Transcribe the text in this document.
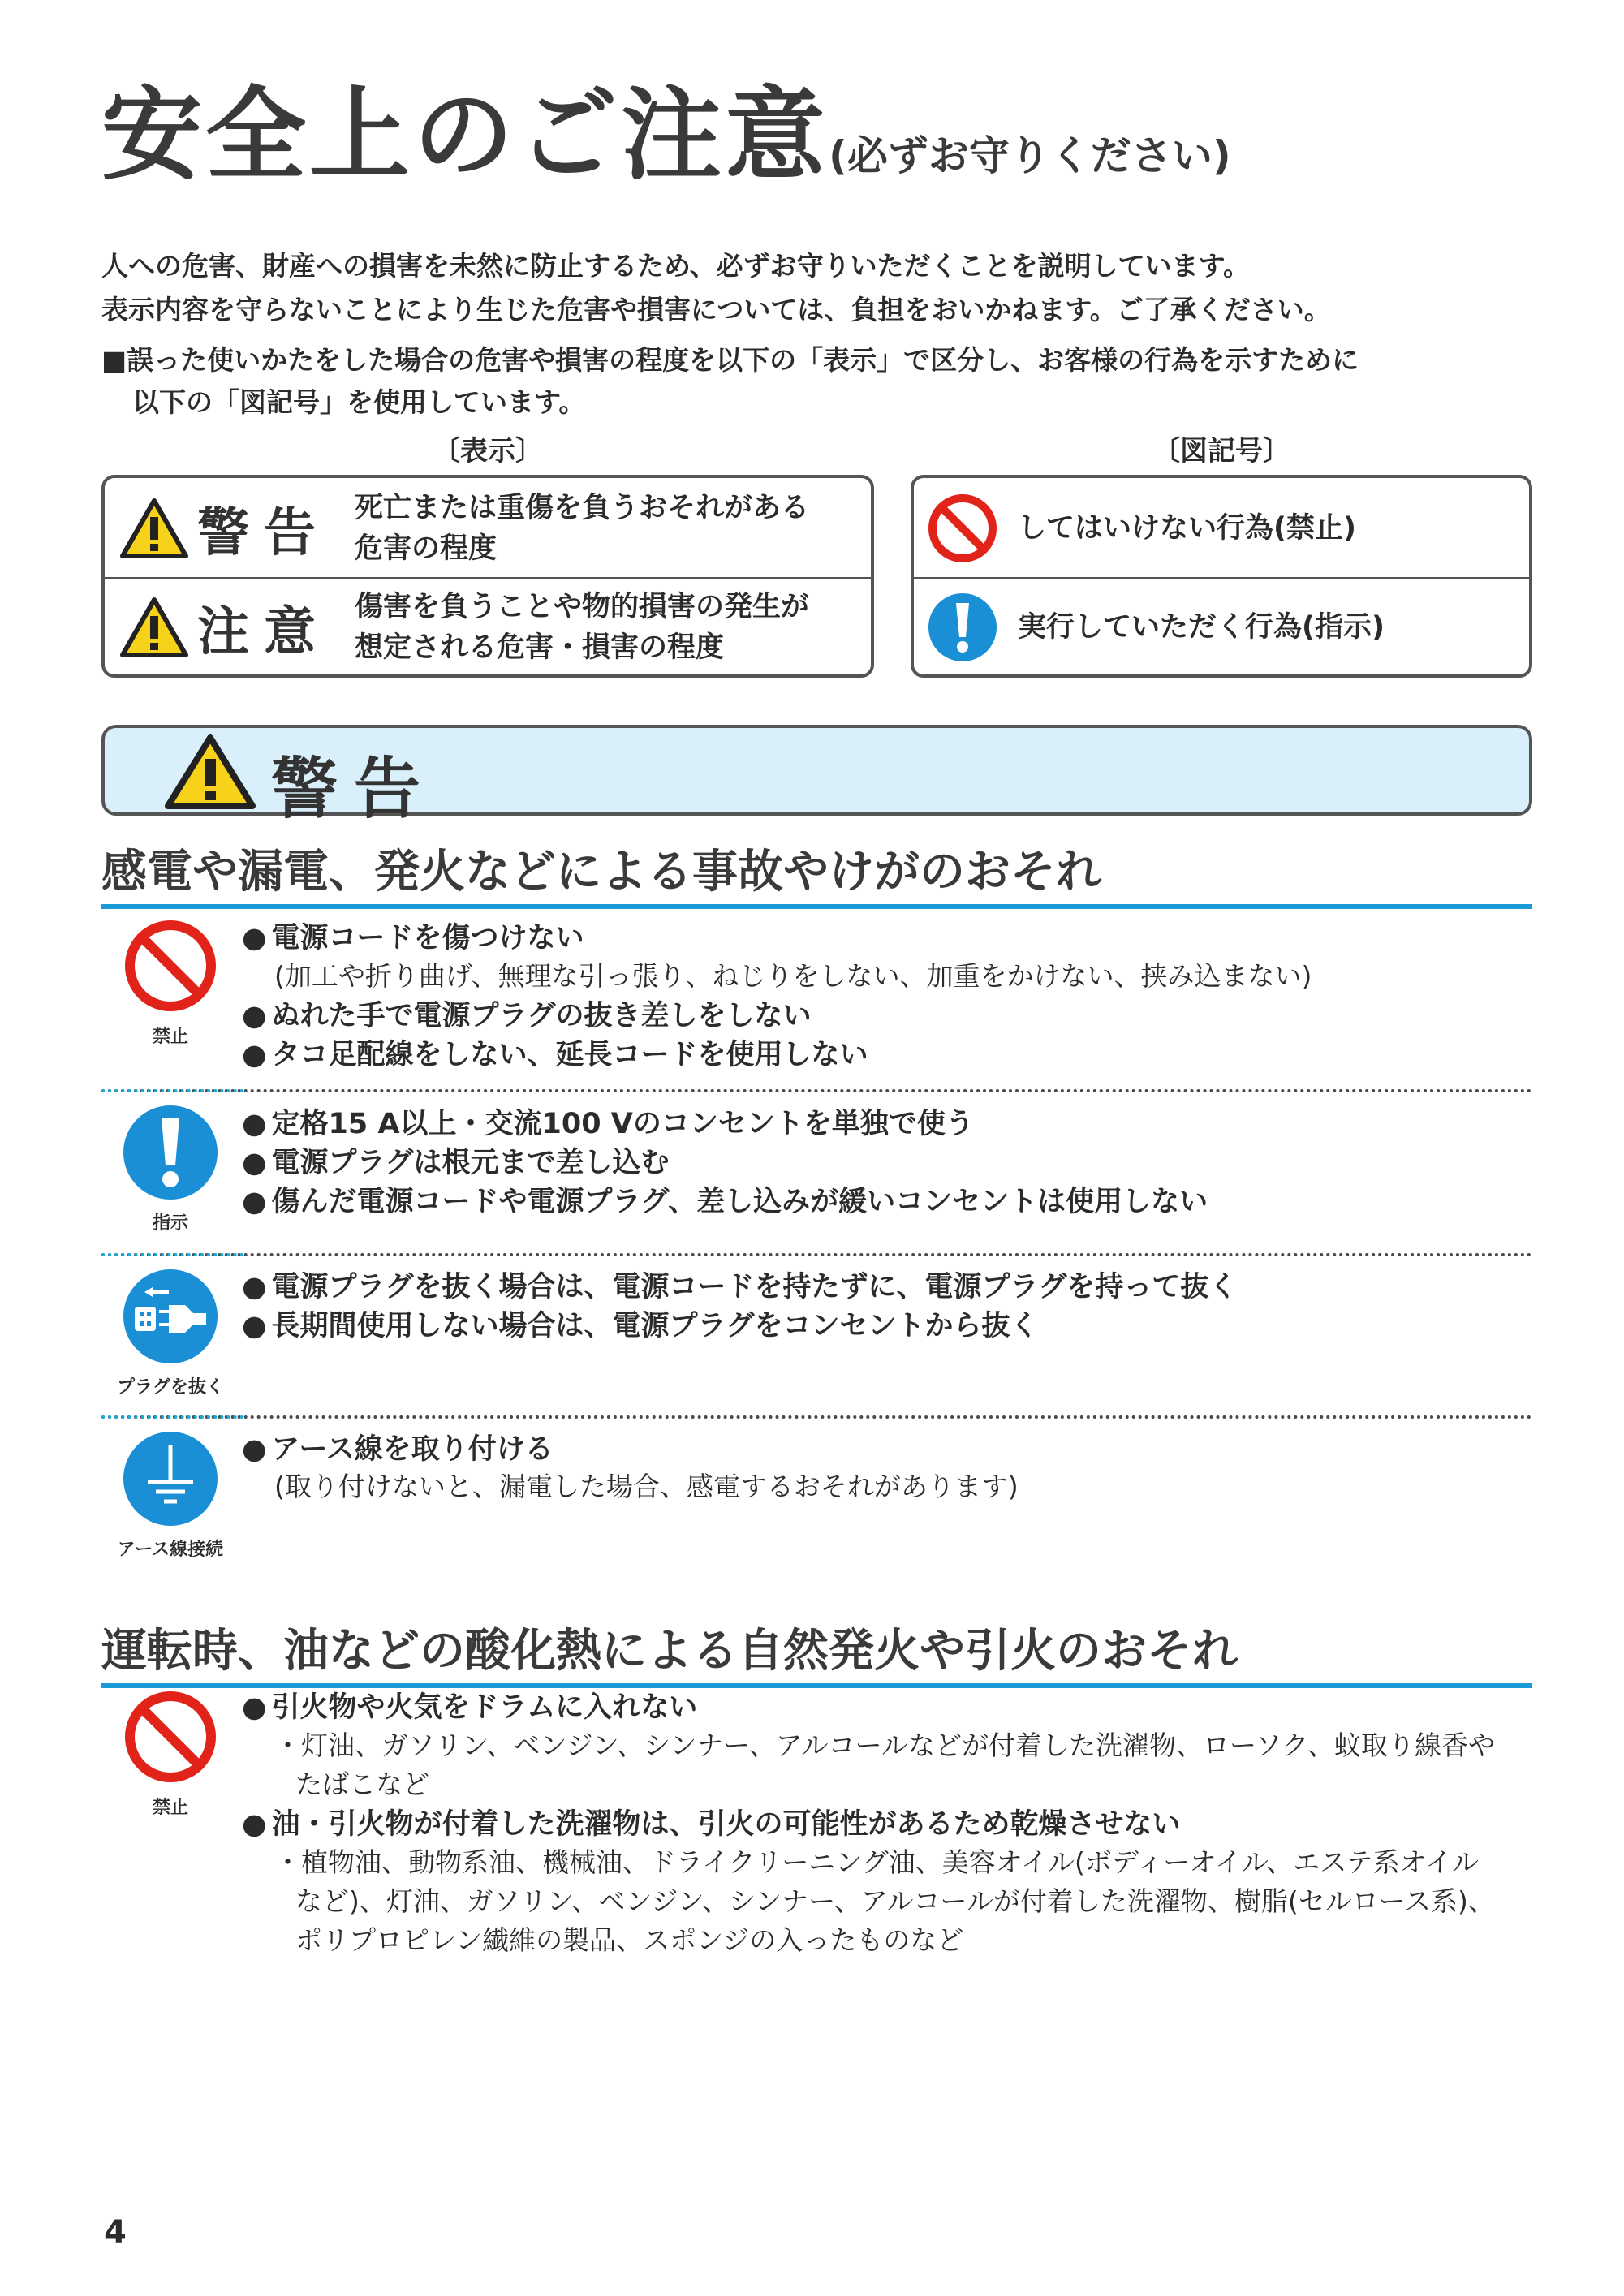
安全上のご注意(必ずお守りください)
人への危害、財産への損害を未然に防止するため、必ずお守りいただくことを説明しています。
表示内容を守らないことにより生じた危害や損害については、負担をおいかねます。ご了承ください。
■誤った使いかたをした場合の危害や損害の程度を以下の「表示」で区分し、お客様の行為を示すために
以下の「図記号」を使用しています。
〔表示〕	〔図記号〕
警告 死亡または重傷を負うおそれがある
危害の程度
注意 傷害を負うことや物的損害の発生が
想定される危害・損害の程度
してはいけない行為(禁止)
実行していただく行為(指示)
警告
感電や漏電、発火などによる事故やけがのおそれ
禁止
● 電源コードを傷つけない
(加工や折り曲げ、無理な引っ張り、ねじりをしない、加重をかけない、挟み込まない)
● ぬれた手で電源プラグの抜き差しをしない
● タコ足配線をしない、延長コードを使用しない
指示
● 定格15 A以上・交流100 Vのコンセントを単独で使う
● 電源プラグは根元まで差し込む
● 傷んだ電源コードや電源プラグ、差し込みが緩いコンセントは使用しない
プラグを抜く
● 電源プラグを抜く場合は、電源コードを持たずに、電源プラグを持って抜く
● 長期間使用しない場合は、電源プラグをコンセントから抜く
アース線接続
● アース線を取り付ける
(取り付けないと、漏電した場合、感電するおそれがあります)
運転時、油などの酸化熱による自然発火や引火のおそれ
禁止
● 引火物や火気をドラムに入れない
・灯油、ガソリン、ベンジン、シンナー、アルコールなどが付着した洗濯物、ローソク、蚊取り線香や
たばこなど
● 油・引火物が付着した洗濯物は、引火の可能性があるため乾燥させない
・植物油、動物系油、機械油、ドライクリーニング油、美容オイル(ボディーオイル、エステ系オイル
など)、灯油、ガソリン、ベンジン、シンナー、アルコールが付着した洗濯物、樹脂(セルロース系)、
ポリプロピレン繊維の製品、スポンジの入ったものなど
4
